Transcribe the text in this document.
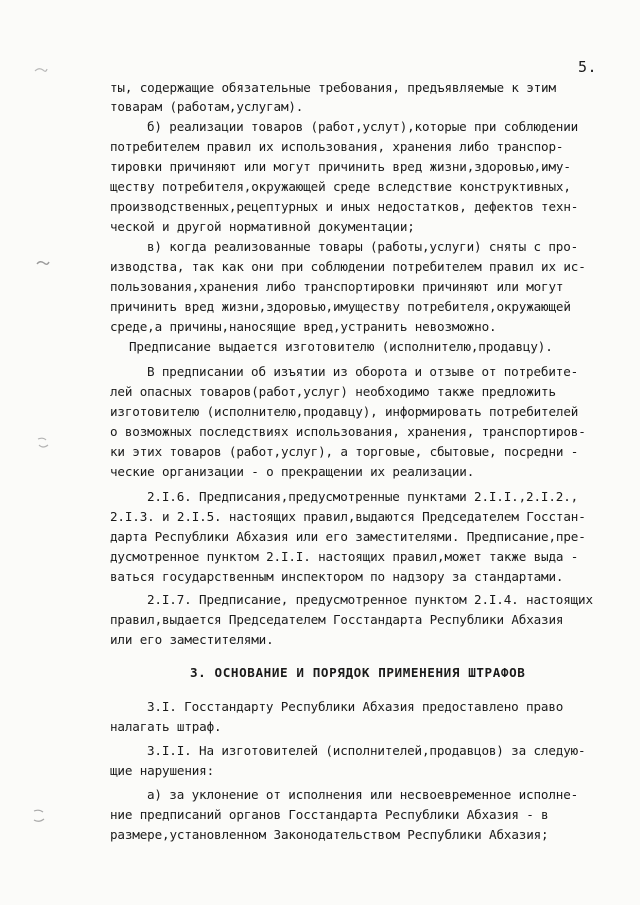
5.
ты, содержащие обязательные требования, предъявляемые к этим
товарам (работам,услугам).
б) реализации товаров (работ,услут),которые при соблюдении
потребителем правил их использования, хранения либо транспор-
тировки причиняют или могут причинить вред жизни,здоровью,иму-
ществу потребителя,окружающей среде вследствие конструктивных,
производственных,рецептурных и иных недостатков, дефектов техн-
ческой и другой нормативной документации;
в) когда реализованные товары (работы,услуги) сняты с про-
изводства, так как они при соблюдении потребителем правил их ис-
пользования,хранения либо транспортировки причиняют или могут
причинить вред жизни,здоровью,имуществу потребителя,окружающей
среде,а причины,наносящие вред,устранить невозможно.
Предписание выдается изготовителю (исполнителю,продавцу).
В предписании об изъятии из оборота и отзыве от потребите-
лей опасных товаров(работ,услуг) необходимо также предложить
изготовителю (исполнителю,продавцу), информировать потребителей
о возможных последствиях использования, хранения, транспортиров-
ки этих товаров (работ,услуг), а торговые, сбытовые, посредни -
ческие организации - о прекращении их реализации.
2.I.6. Предписания,предусмотренные пунктами 2.I.I.,2.I.2.,
2.I.3. и 2.I.5. настоящих правил,выдаются Председателем Госстан-
дарта Республики Абхазия или его заместителями. Предписание,пре-
дусмотренное пунктом 2.I.I. настоящих правил,может также выда -
ваться государственным инспектором по надзору за стандартами.
2.I.7. Предписание, предусмотренное пунктом 2.I.4. настоящих
правил,выдается Председателем Госстандарта Республики Абхазия
или его заместителями.
3. ОСНОВАНИЕ И ПОРЯДОК ПРИМЕНЕНИЯ ШТРАФОВ
3.I. Госстандарту Республики Абхазия предоставлено право
налагать штраф.
3.I.I. На изготовителей (исполнителей,продавцов) за следую-
щие нарушения:
а) за уклонение от исполнения или несвоевременное исполне-
ние предписаний органов Госстандарта Республики Абхазия - в
размере,установленном Законодательством Республики Абхазия;
